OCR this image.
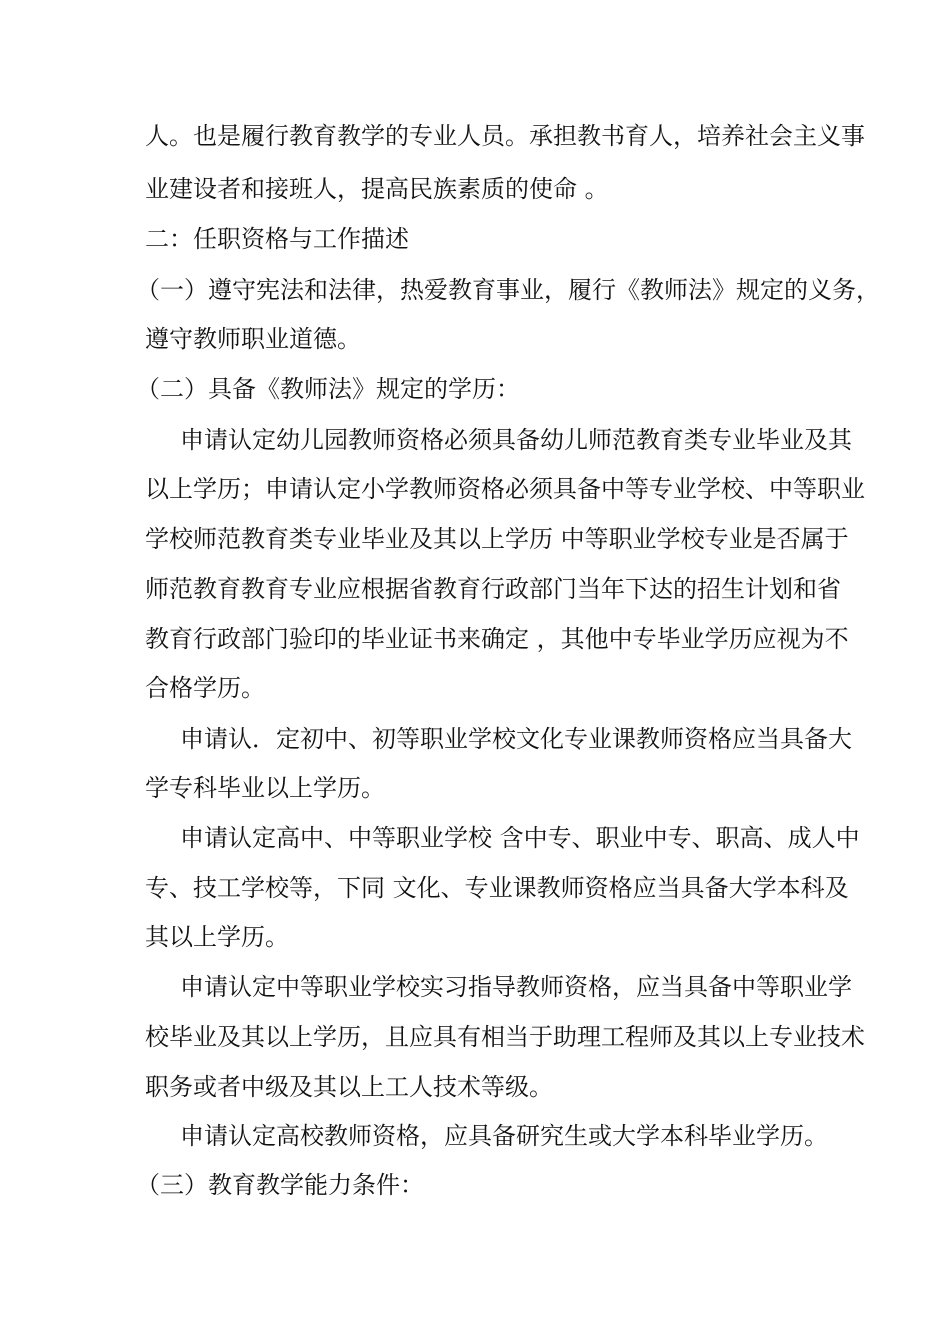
人。也是履行教育教学的专业人员。承担教书育人，培养社会主义事
业建设者和接班人，提高民族素质的使命 。
二：任职资格与工作描述
（一）遵守宪法和法律，热爱教育事业，履行《教师法》规定的义务，
遵守教师职业道德。
（二）具备《教师法》规定的学历：
申请认定幼儿园教师资格必须具备幼儿师范教育类专业毕业及其
以上学历；申请认定小学教师资格必须具备中等专业学校、中等职业
学校师范教育类专业毕业及其以上学历 中等职业学校专业是否属于
师范教育教育专业应根据省教育行政部门当年下达的招生计划和省
教育行政部门验印的毕业证书来确定 ，其他中专毕业学历应视为不
合格学历。
申请认．定初中、初等职业学校文化专业课教师资格应当具备大
学专科毕业以上学历。
申请认定高中、中等职业学校 含中专、职业中专、职高、成人中
专、技工学校等，下同 文化、专业课教师资格应当具备大学本科及
其以上学历。
申请认定中等职业学校实习指导教师资格，应当具备中等职业学
校毕业及其以上学历，且应具有相当于助理工程师及其以上专业技术
职务或者中级及其以上工人技术等级。
申请认定高校教师资格，应具备研究生或大学本科毕业学历。
（三）教育教学能力条件：
